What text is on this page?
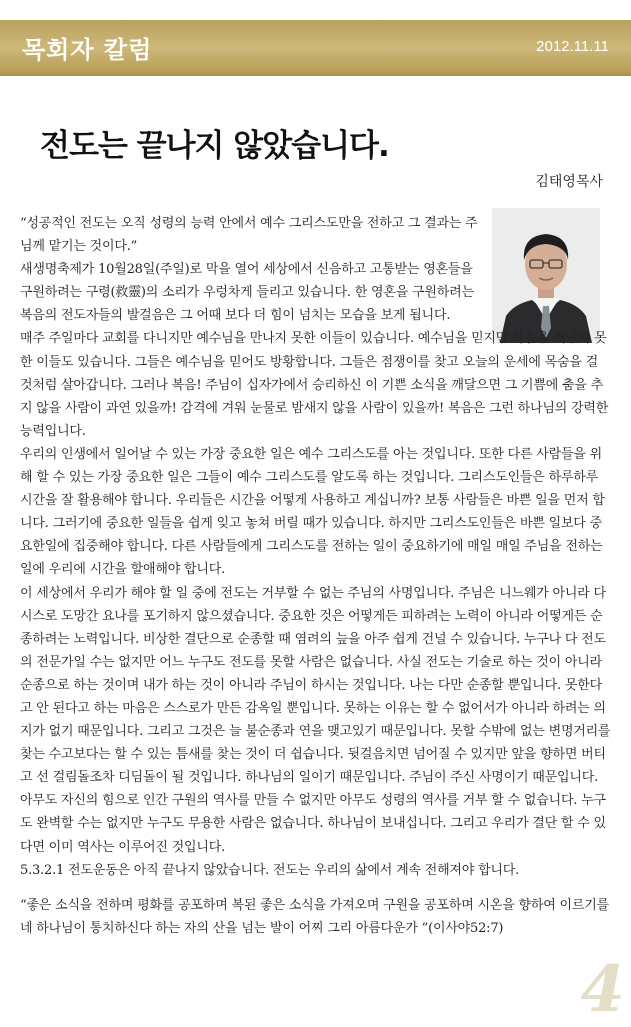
목회자 칼럼	2012.11.11
전도는 끝나지 않았습니다.
김태영목사

“성공적인 전도는 오직 성령의 능력 안에서 예수 그리스도만을 전하고 그 결과는 주님께 맡기는 것이다.”

새생명축제가 10월28일(주일)로 막을 열어 세상에서 신음하고 고통받는 영혼들을 구원하려는 구령(救靈)의 소리가 우렁차게 들리고 있습니다. 한 영혼을 구원하려는 복음의 전도자들의 발걸음은 그 어때 보다 더 힘이 넘치는 모습을 보게 됩니다.

매주 주일마다 교회를 다니지만 예수님을 만나지 못한 이들이 있습니다. 예수님을 믿지만 복음을 깨닫지 못한 이들도 있습니다. 그들은 예수님을 믿어도 방황합니다. 그들은 점쟁이를 찾고 오늘의 운세에 목숨을 걸 것처럼 살아갑니다. 그러나 복음! 주님이 십자가에서 승리하신 이 기쁜 소식을 깨달으면 그 기쁨에 춤을 추지 않을 사람이 과연 있을까! 감격에 겨워 눈물로 밤새지 않을 사람이 있을까! 복음은 그런 하나님의 강력한 능력입니다.

우리의 인생에서 일어날 수 있는 가장 중요한 일은 예수 그리스도를 아는 것입니다. 또한 다른 사람들을 위해 할 수 있는 가장 중요한 일은 그들이 예수 그리스도를 알도록 하는 것입니다. 그리스도인들은 하루하루 시간을 잘 활용해야 합니다. 우리들은 시간을 어떻게 사용하고 계십니까? 보통 사람들은 바쁜 일을 먼저 합니다. 그러기에 중요한 일들을 쉽게 잊고 놓쳐 버릴 때가 있습니다. 하지만 그리스도인들은 바쁜 일보다 중요한일에 집중해야 합니다. 다른 사람들에게 그리스도를 전하는 일이 중요하기에 매일 매일 주님을 전하는 일에 우리에 시간을 할애해야 합니다.

이 세상에서 우리가 해야 할 일 중에 전도는 거부할 수 없는 주님의 사명입니다. 주님은 니느웨가 아니라 다시스로 도망간 요나를 포기하지 않으셨습니다. 중요한 것은 어떻게든 피하려는 노력이 아니라 어떻게든 순종하려는 노력입니다. 비상한 결단으로 순종할 때 염려의 늪을 아주 쉽게 건널 수 있습니다. 누구나 다 전도의 전문가일 수는 없지만 어느 누구도 전도를 못할 사람은 없습니다. 사실 전도는 기술로 하는 것이 아니라 순종으로 하는 것이며 내가 하는 것이 아니라 주님이 하시는 것입니다. 나는 다만 순종할 뿐입니다. 못한다고 안 된다고 하는 마음은 스스로가 만든 감옥일 뿐입니다. 못하는 이유는 할 수 없어서가 아니라 하려는 의지가 없기 때문입니다. 그리고 그것은 늘 불순종과 연을 맺고있기 때문입니다. 못할 수밖에 없는 변명거리를 찾는 수고보다는 할 수 있는 틈새를 찾는 것이 더 쉽습니다. 뒷걸음치면 넘어질 수 있지만 앞을 향하면 버티고 선 걸림돌조차 디딤돌이 될 것입니다. 하나님의 일이기 때문입니다. 주님이 주신 사명이기 때문입니다. 아무도 자신의 힘으로 인간 구원의 역사를 만들 수 없지만 아무도 성령의 역사를 거부 할 수 없습니다. 누구도 완벽할 수는 없지만 누구도 무용한 사람은 없습니다. 하나님이 보내십니다. 그리고 우리가 결단 할 수 있다면 이미 역사는 이루어진 것입니다.

5.3.2.1 전도운동은 아직 끝나지 않았습니다. 전도는 우리의 삶에서 계속 전해져야 합니다.

“좋은 소식을 전하며 평화를 공포하며 복된 좋은 소식을 가져오며 구원을 공포하며 시온을 향하여 이르기를 네 하나님이 통치하신다 하는 자의 산을 넘는 발이 어찌 그리 아름다운가 ”(이사야52:7)

4
